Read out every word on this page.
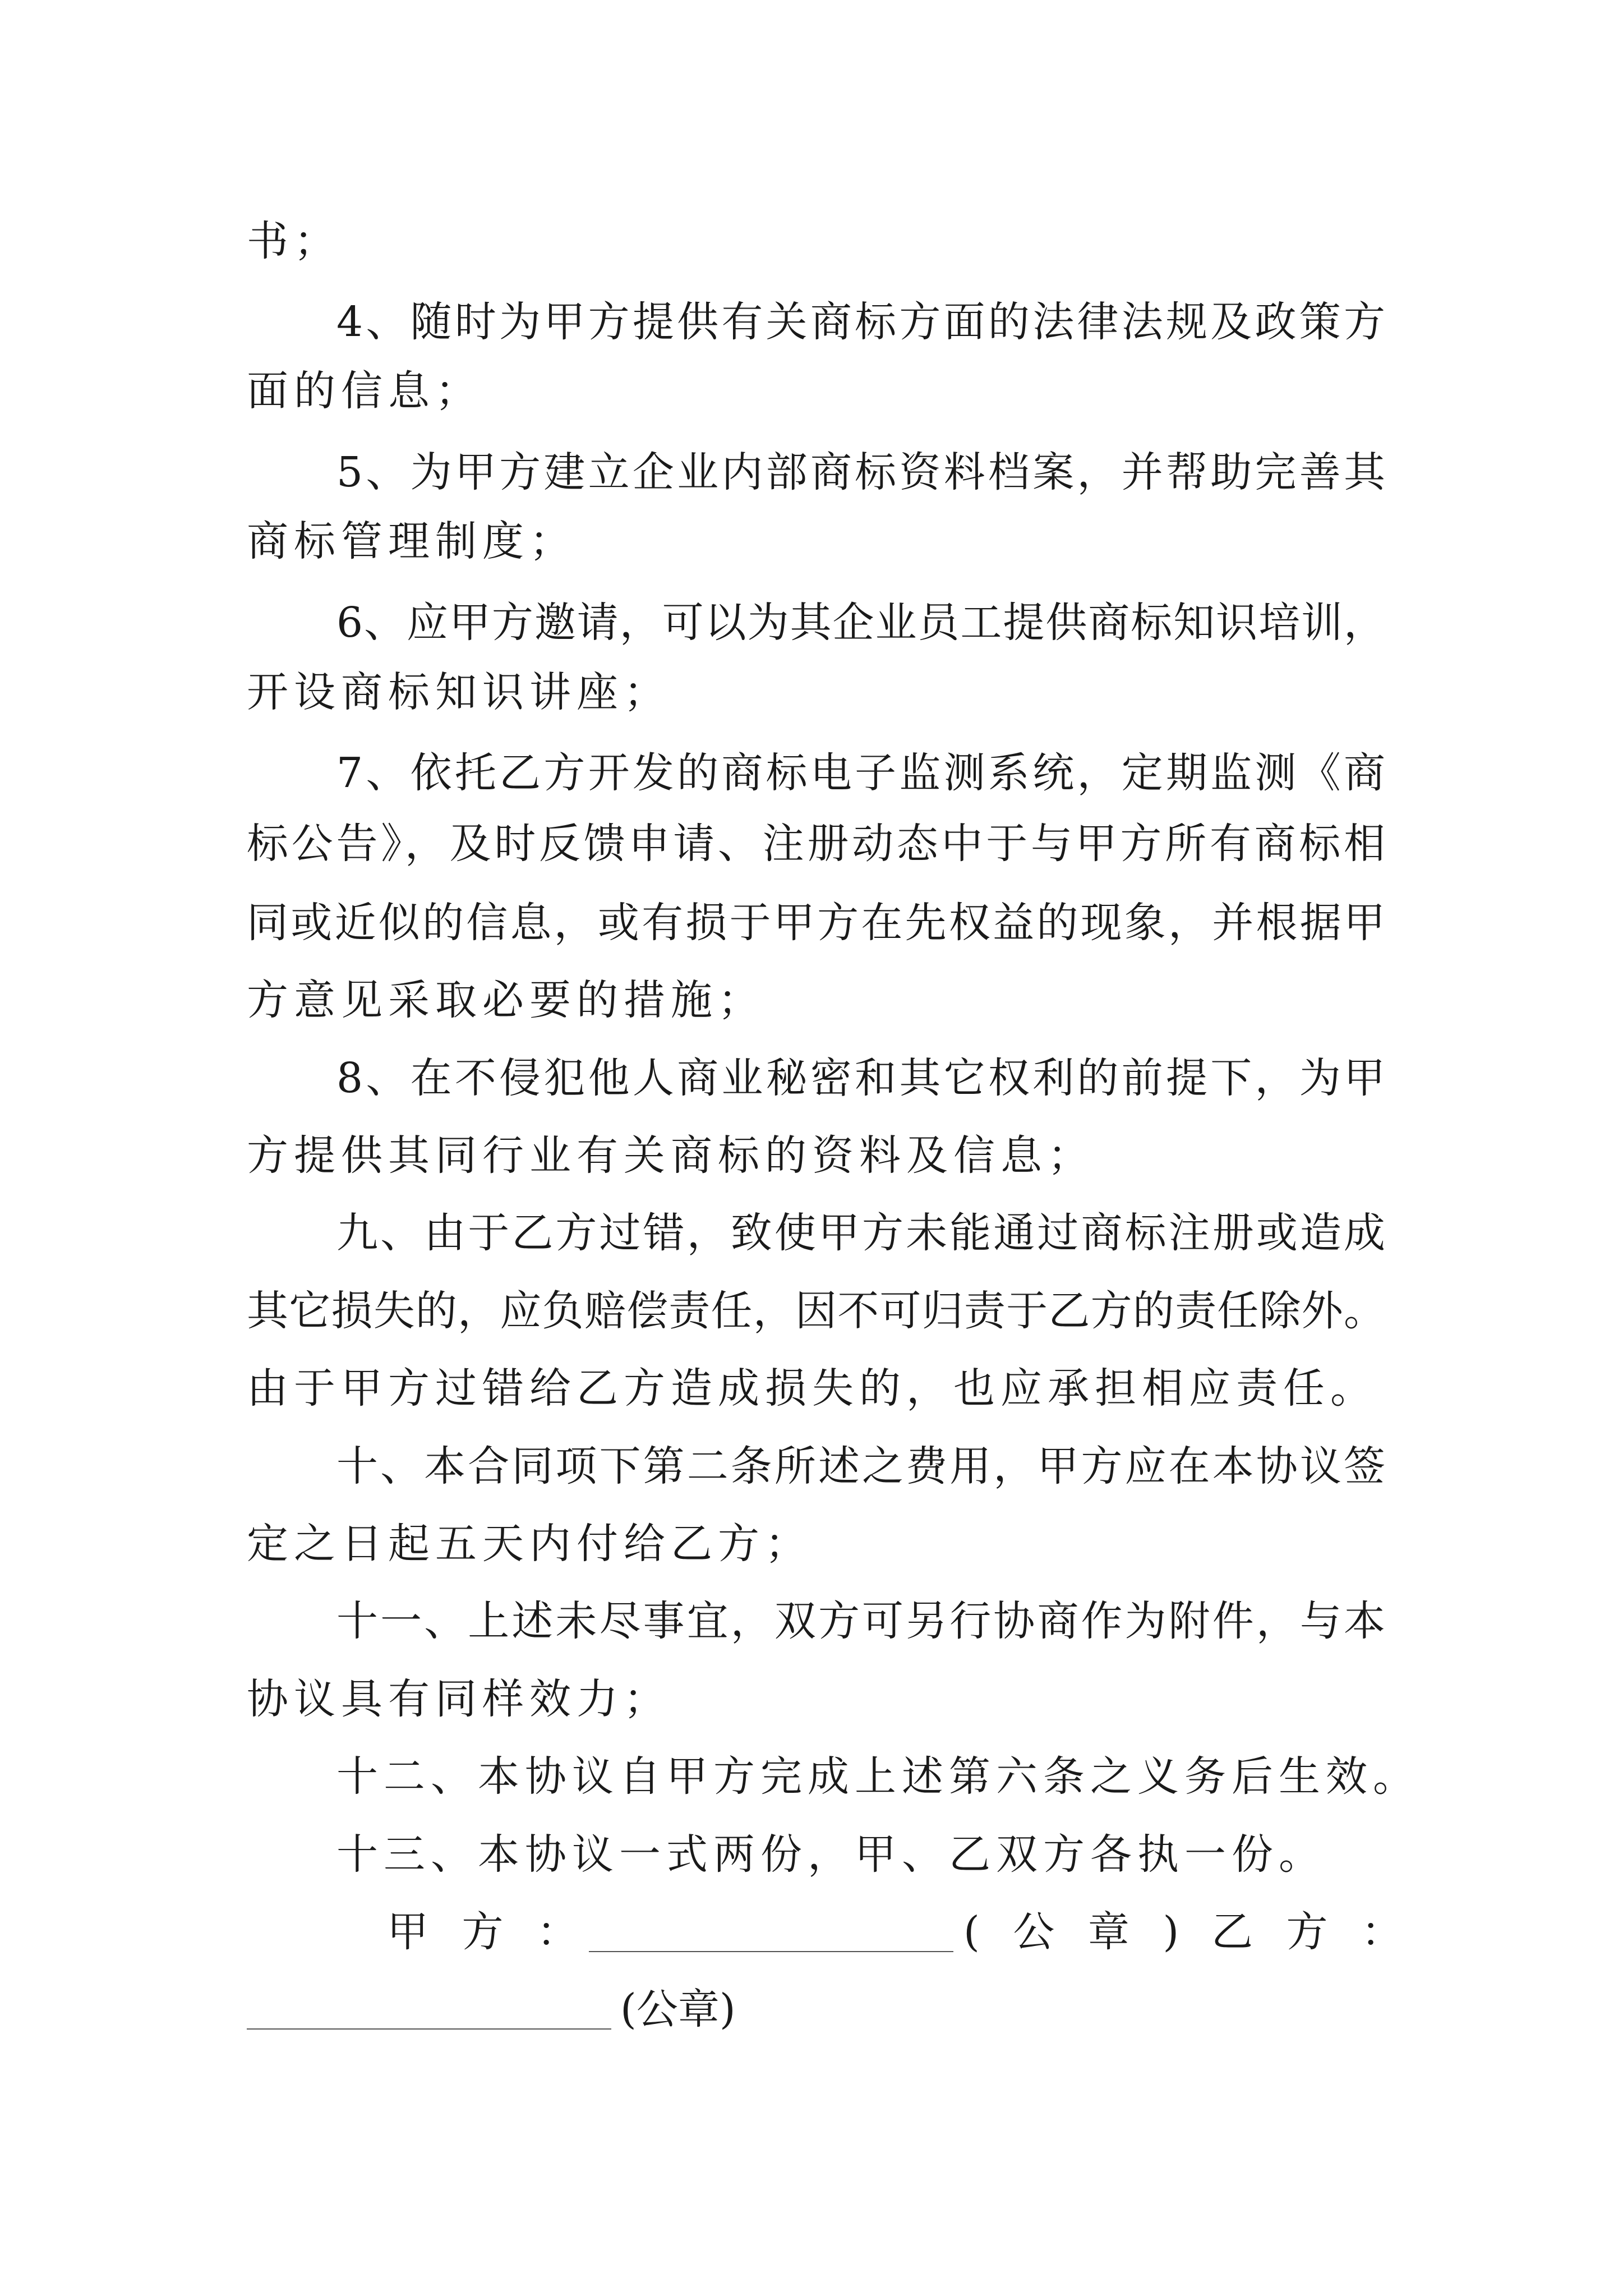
书；
4、随时为甲方提供有关商标方面的法律法规及政策方
面的信息；
5、为甲方建立企业内部商标资料档案，并帮助完善其
商标管理制度；
6、应甲方邀请，可以为其企业员工提供商标知识培训，
开设商标知识讲座；
7、依托乙方开发的商标电子监测系统，定期监测《商
标公告》，及时反馈申请、注册动态中于与甲方所有商标相
同或近似的信息，或有损于甲方在先权益的现象，并根据甲
方意见采取必要的措施；
8、在不侵犯他人商业秘密和其它权利的前提下，为甲
方提供其同行业有关商标的资料及信息；
九、由于乙方过错，致使甲方未能通过商标注册或造成
其它损失的，应负赔偿责任，因不可归责于乙方的责任除外。
由于甲方过错给乙方造成损失的，也应承担相应责任。
十、本合同项下第二条所述之费用，甲方应在本协议签
定之日起五天内付给乙方；
十一、上述未尽事宜，双方可另行协商作为附件，与本
协议具有同样效力；
十二、本协议自甲方完成上述第六条之义务后生效。
十三、本协议一式两份，甲、乙双方各执一份。
甲 方 ：	( 公 章 ) 乙 方 ：
(公章)
